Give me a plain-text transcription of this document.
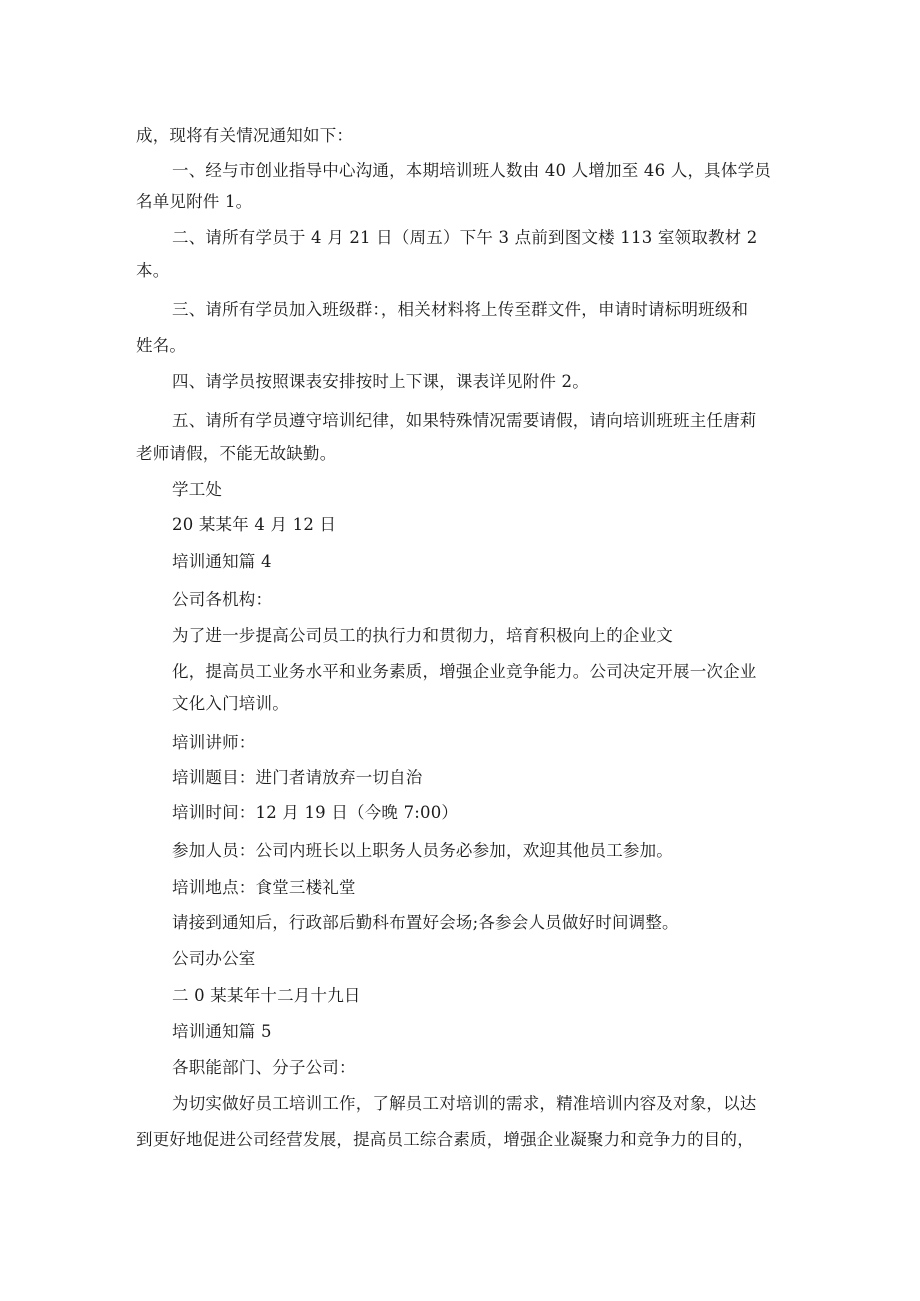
成，现将有关情况通知如下：
一、经与市创业指导中心沟通，本期培训班人数由 40 人增加至 46 人，具体学员
名单见附件 1。
二、请所有学员于 4 月 21 日（周五）下午 3 点前到图文楼 113 室领取教材 2
本。
三、请所有学员加入班级群：，相关材料将上传至群文件，申请时请标明班级和
姓名。
四、请学员按照课表安排按时上下课，课表详见附件 2。
五、请所有学员遵守培训纪律，如果特殊情况需要请假，请向培训班班主任唐莉
老师请假，不能无故缺勤。
学工处
20 某某年 4 月 12 日
培训通知篇 4
公司各机构：
为了进一步提高公司员工的执行力和贯彻力，培育积极向上的企业文
化，提高员工业务水平和业务素质，增强企业竞争能力。公司决定开展一次企业
文化入门培训。
培训讲师：
培训题目：进门者请放弃一切自治
培训时间：12 月 19 日（今晚 7:00）
参加人员：公司内班长以上职务人员务必参加，欢迎其他员工参加。
培训地点：食堂三楼礼堂
请接到通知后，行政部后勤科布置好会场;各参会人员做好时间调整。
公司办公室
二 0 某某年十二月十九日
培训通知篇 5
各职能部门、分子公司：
为切实做好员工培训工作，了解员工对培训的需求，精准培训内容及对象，以达
到更好地促进公司经营发展，提高员工综合素质，增强企业凝聚力和竞争力的目的，
